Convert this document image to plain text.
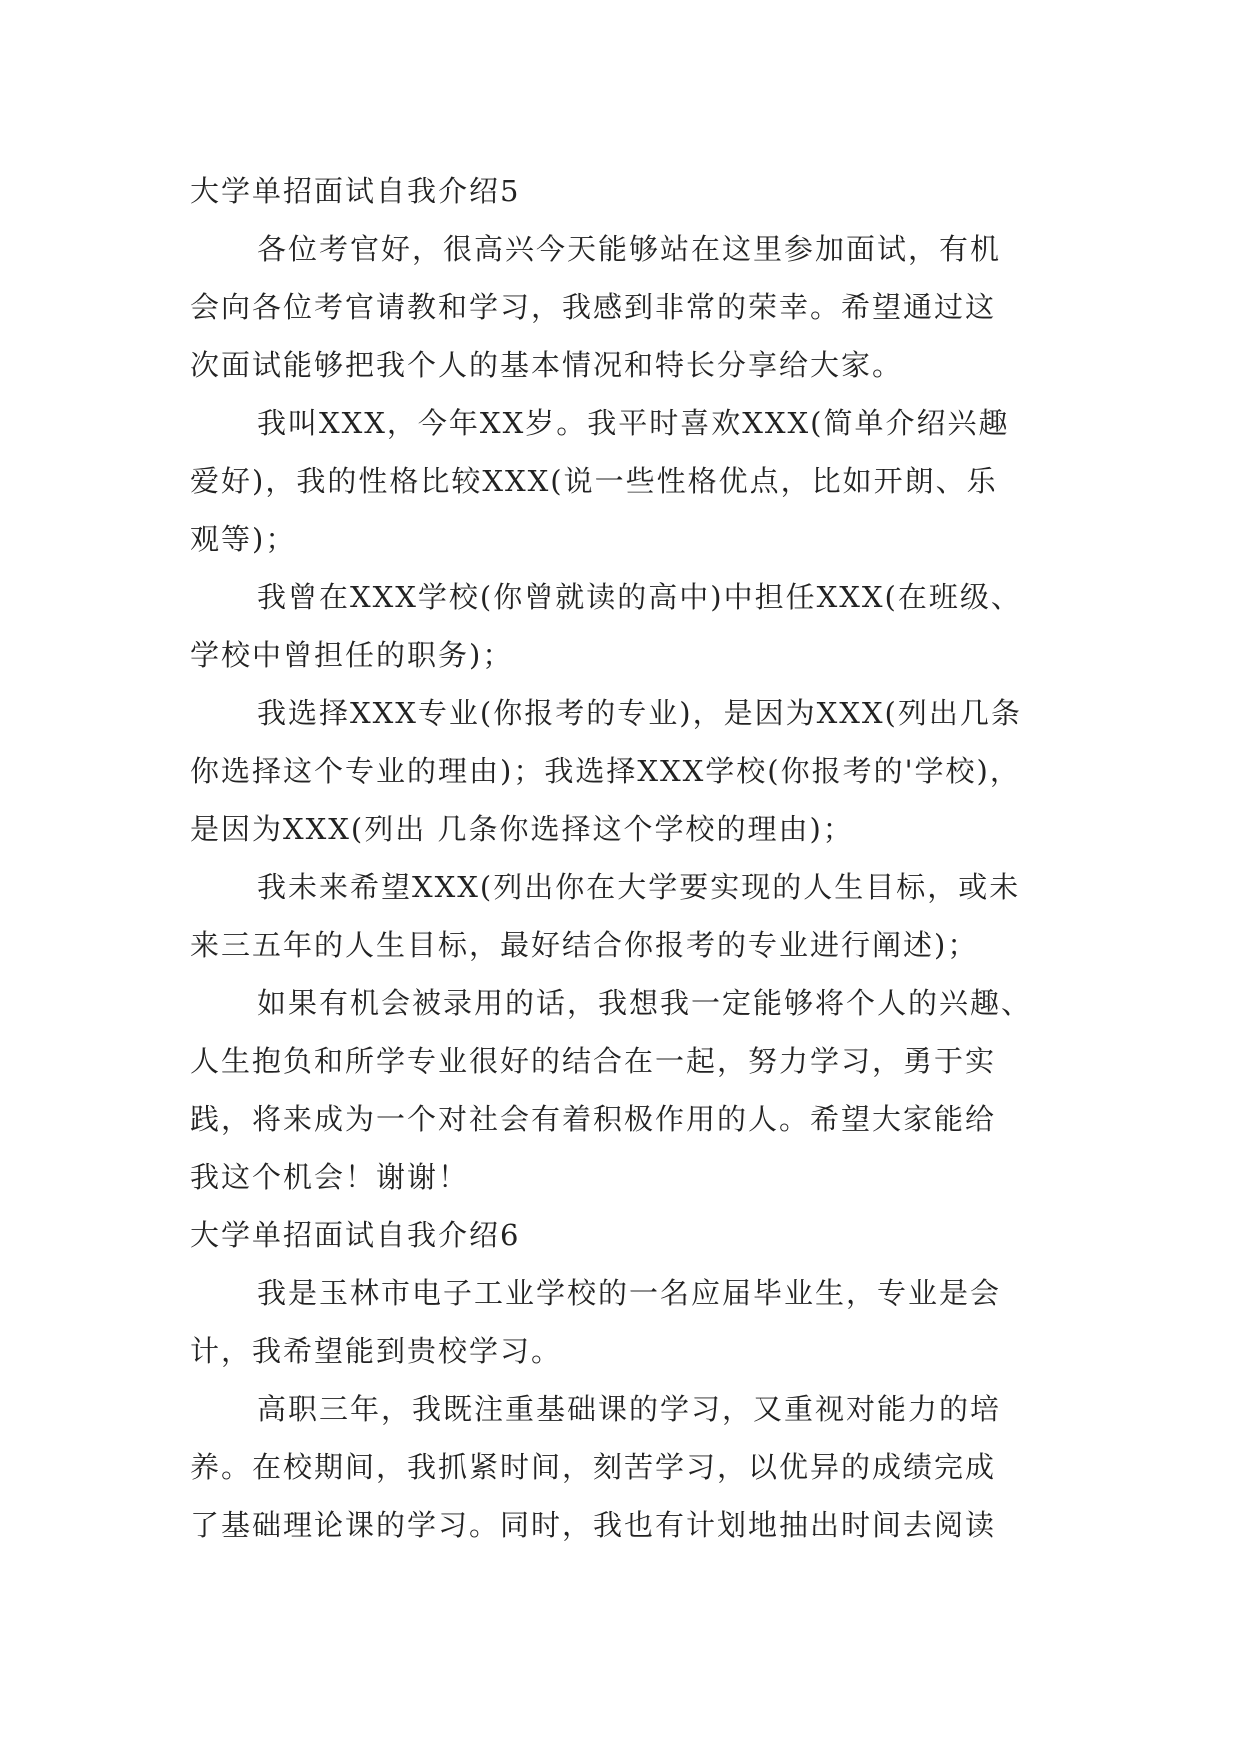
大学单招面试自我介绍5
各位考官好，很高兴今天能够站在这里参加面试，有机
会向各位考官请教和学习，我感到非常的荣幸。希望通过这
次面试能够把我个人的基本情况和特长分享给大家。
我叫XXX，今年XX岁。我平时喜欢XXX(简单介绍兴趣
爱好)，我的性格比较XXX(说一些性格优点，比如开朗、乐
观等)；
我曾在XXX学校(你曾就读的高中)中担任XXX(在班级、
学校中曾担任的职务)；
我选择XXX专业(你报考的专业)，是因为XXX(列出几条
你选择这个专业的理由)；我选择XXX学校(你报考的'学校)，
是因为XXX(列出 几条你选择这个学校的理由)；
我未来希望XXX(列出你在大学要实现的人生目标，或未
来三五年的人生目标，最好结合你报考的专业进行阐述)；
如果有机会被录用的话，我想我一定能够将个人的兴趣、
人生抱负和所学专业很好的结合在一起，努力学习，勇于实
践，将来成为一个对社会有着积极作用的人。希望大家能给
我这个机会！谢谢！
大学单招面试自我介绍6
我是玉林市电子工业学校的一名应届毕业生，专业是会
计，我希望能到贵校学习。
高职三年，我既注重基础课的学习，又重视对能力的培
养。在校期间，我抓紧时间，刻苦学习，以优异的成绩完成
了基础理论课的学习。同时，我也有计划地抽出时间去阅读
